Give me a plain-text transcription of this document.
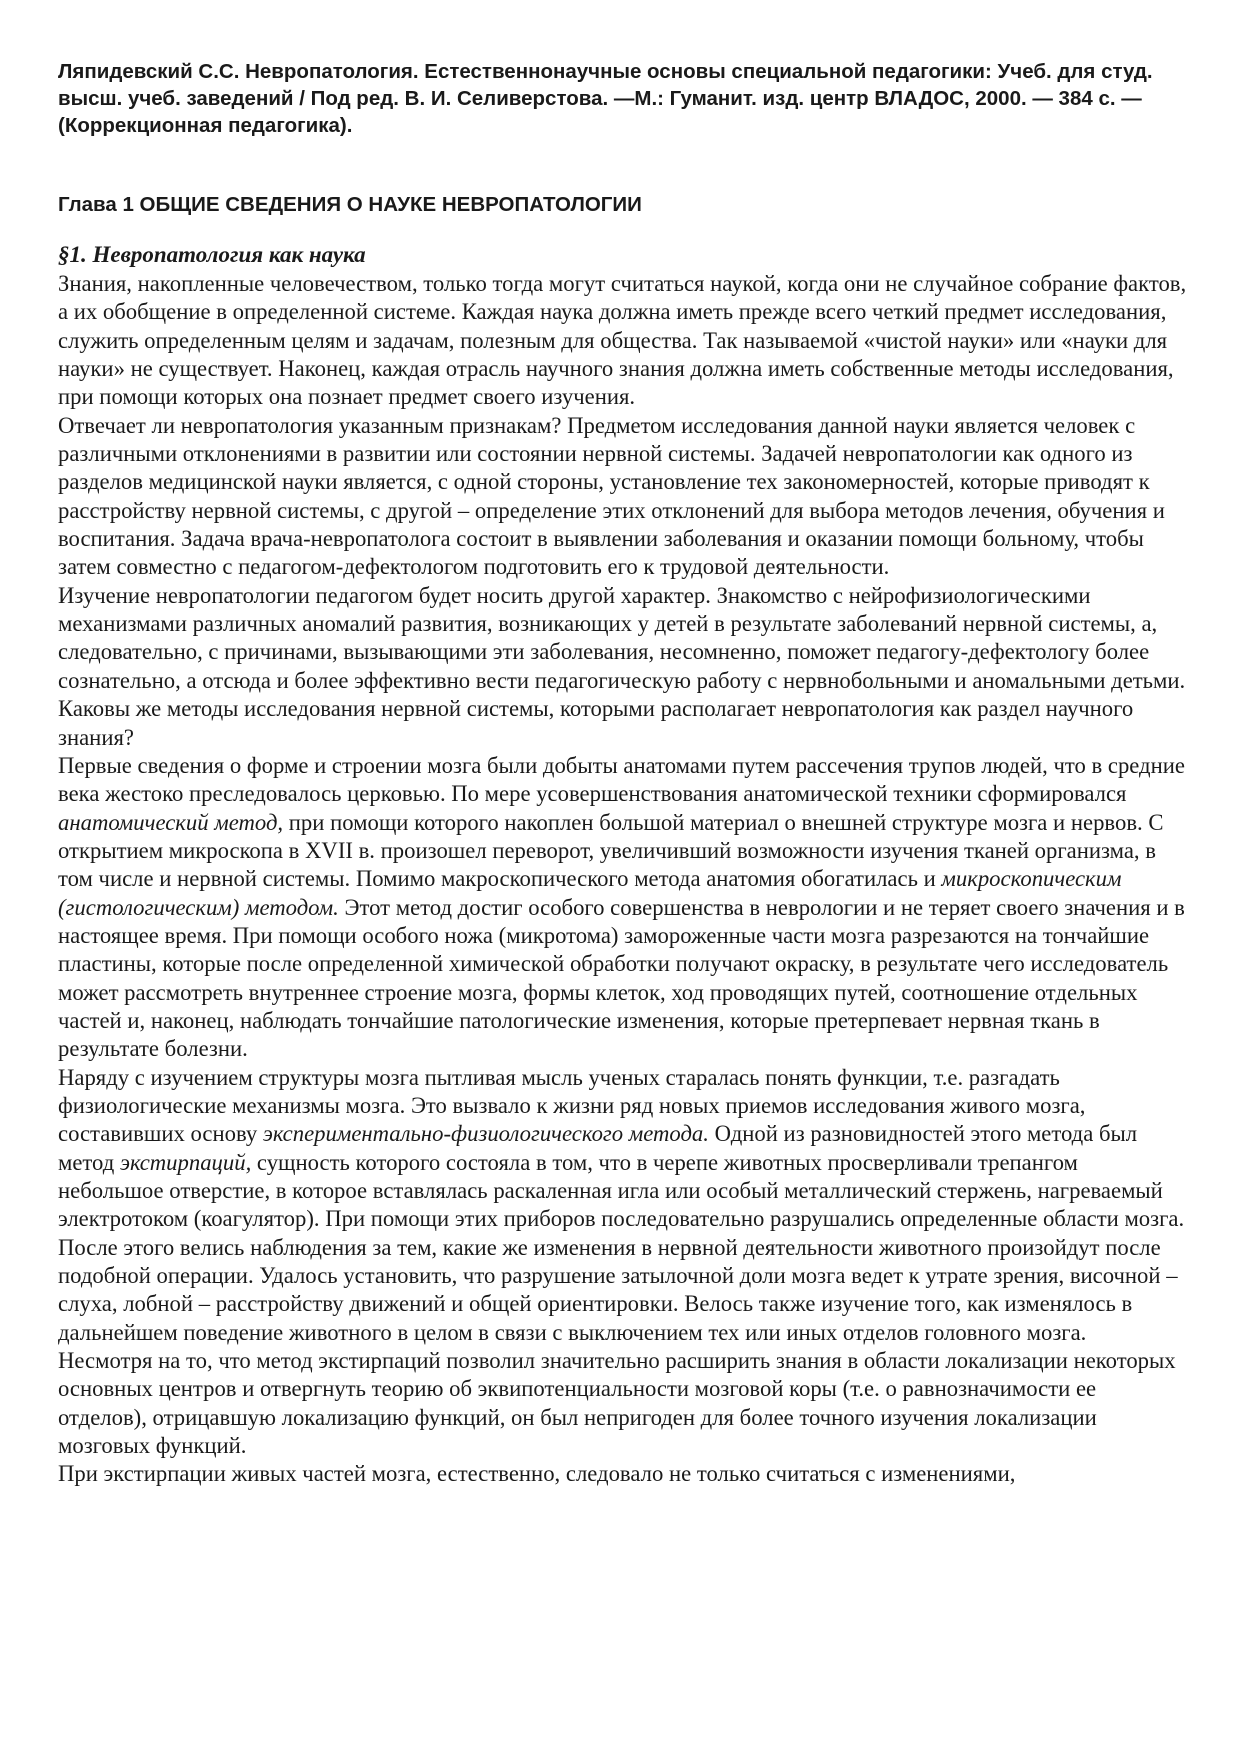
Ляпидевский С.С. Невропатология. Естественнонаучные основы специальной педагогики: Учеб. для студ. высш. учеб. заведений / Под ред. В. И. Селиверстова. —М.: Гуманит. изд. центр ВЛАДОС, 2000. — 384 с. — (Коррекционная педагогика).

Глава 1 ОБЩИЕ СВЕДЕНИЯ О НАУКЕ НЕВРОПАТОЛОГИИ
§1. Невропатология как наука

Знания, накопленные человечеством, только тогда могут считаться наукой, когда они не случайное собрание фактов, а их обобщение в определенной системе. Каждая наука должна иметь прежде всего четкий предмет исследования, служить определенным целям и задачам, полезным для общества. Так называемой «чистой науки» или «науки для науки» не существует. Наконец, каждая отрасль научного знания должна иметь собственные методы исследования, при помощи которых она познает предмет своего изучения.

Отвечает ли невропатология указанным признакам? Предметом исследования данной науки является человек с различными отклонениями в развитии или состоянии нервной системы. Задачей невропатологии как одного из разделов медицинской науки является, с одной стороны, установление тех закономерностей, которые приводят к расстройству нервной системы, с другой – определение этих отклонений для выбора методов лечения, обучения и воспитания. Задача врача-невропатолога состоит в выявлении заболевания и оказании помощи больному, чтобы затем совместно с педагогом-дефектологом подготовить его к трудовой деятельности.

Изучение невропатологии педагогом будет носить другой характер. Знакомство с нейрофизиологическими механизмами различных аномалий развития, возникающих у детей в результате заболеваний нервной системы, а, следовательно, с причинами, вызывающими эти заболевания, несомненно, поможет педагогу-дефектологу более сознательно, а отсюда и более эффективно вести педагогическую работу с нервнобольными и аномальными детьми.

Каковы же методы исследования нервной системы, которыми располагает невропатология как раздел научного знания?

Первые сведения о форме и строении мозга были добыты анатомами путем рассечения трупов людей, что в средние века жестоко преследовалось церковью. По мере усовершенствования анатомической техники сформировался анатомический метод, при помощи которого накоплен большой материал о внешней структуре мозга и нервов. С открытием микроскопа в XVII в. произошел переворот, увеличивший возможности изучения тканей организма, в том числе и нервной системы. Помимо макроскопического метода анатомия обогатилась и микроскопическим (гистологическим) методом. Этот метод достиг особого совершенства в неврологии и не теряет своего значения и в настоящее время. При помощи особого ножа (микротома) замороженные части мозга разрезаются на тончайшие пластины, которые после определенной химической обработки получают окраску, в результате чего исследователь может рассмотреть внутреннее строение мозга, формы клеток, ход проводящих путей, соотношение отдельных частей и, наконец, наблюдать тончайшие патологические изменения, которые претерпевает нервная ткань в результате болезни.

Наряду с изучением структуры мозга пытливая мысль ученых старалась понять функции, т.е. разгадать физиологические механизмы мозга. Это вызвало к жизни ряд новых приемов исследования живого мозга, составивших основу экспериментально-физиологического метода. Одной из разновидностей этого метода был метод экстирпаций, сущность которого состояла в том, что в черепе животных просверливали трепангом небольшое отверстие, в которое вставлялась раскаленная игла или особый металлический стержень, нагреваемый электротоком (коагулятор). При помощи этих приборов последовательно разрушались определенные области мозга. После этого велись наблюдения за тем, какие же изменения в нервной деятельности животного произойдут после подобной операции. Удалось установить, что разрушение затылочной доли мозга ведет к утрате зрения, височной – слуха, лобной – расстройству движений и общей ориентировки. Велось также изучение того, как изменялось в дальнейшем поведение животного в целом в связи с выключением тех или иных отделов головного мозга.

Несмотря на то, что метод экстирпаций позволил значительно расширить знания в области локализации некоторых основных центров и отвергнуть теорию об эквипотенциальности мозговой коры (т.е. о равнозначимости ее отделов), отрицавшую локализацию функций, он был непригоден для более точного изучения локализации мозговых функций.

При экстирпации живых частей мозга, естественно, следовало не только считаться с изменениями,
